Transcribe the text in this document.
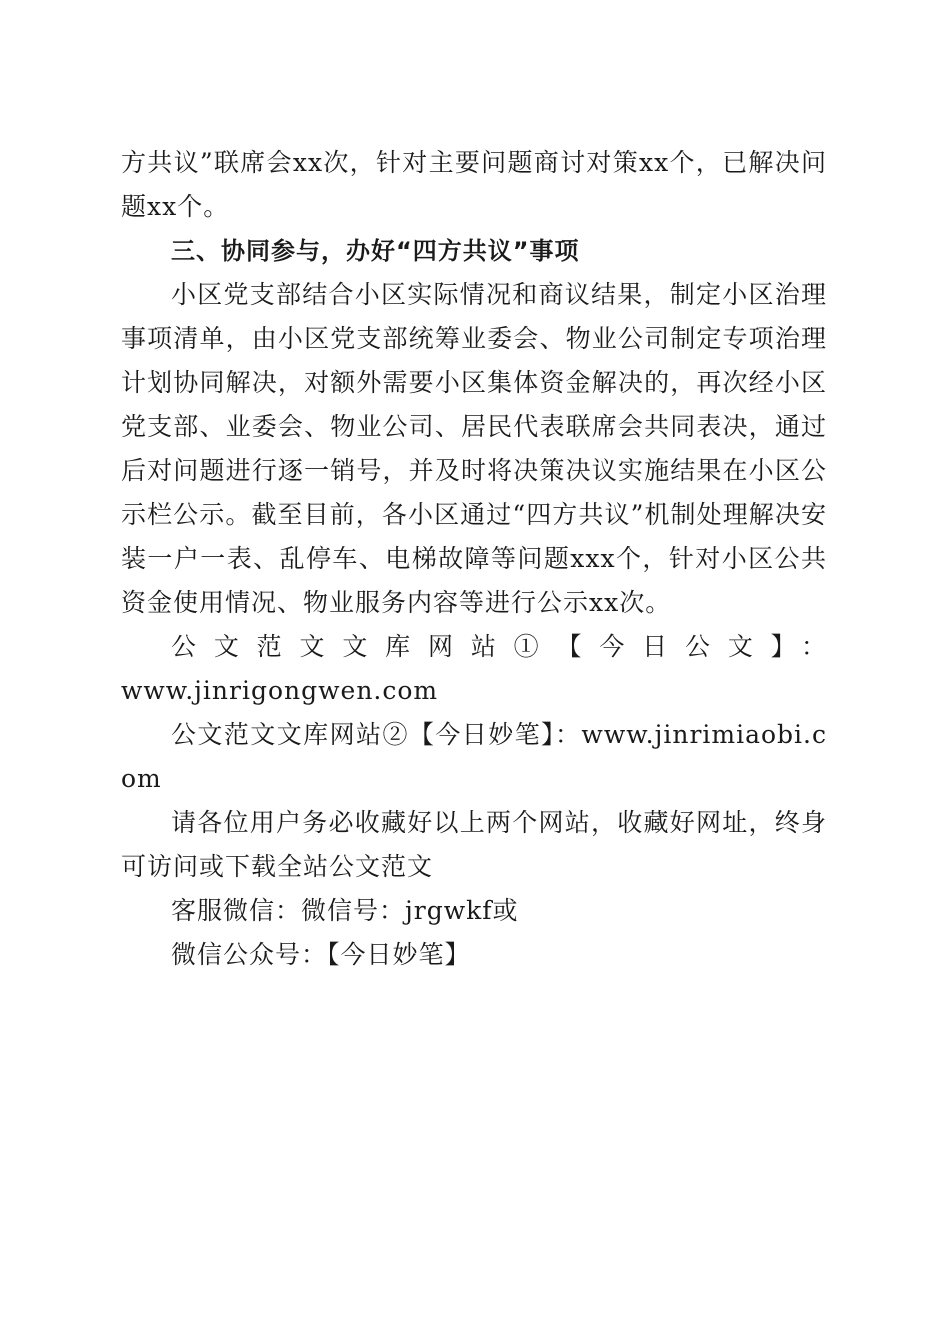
方共议”联席会xx次，针对主要问题商讨对策xx个，已解决问题xx个。

三、协同参与，办好“四方共议”事项

小区党支部结合小区实际情况和商议结果，制定小区治理事项清单，由小区党支部统筹业委会、物业公司制定专项治理计划协同解决，对额外需要小区集体资金解决的，再次经小区党支部、业委会、物业公司、居民代表联席会共同表决，通过后对问题进行逐一销号，并及时将决策决议实施结果在小区公示栏公示。截至目前，各小区通过“四方共议”机制处理解决安装一户一表、乱停车、电梯故障等问题xxx个，针对小区公共资金使用情况、物业服务内容等进行公示xx次。

公文范文文库网站①【今日公文】：

www.jinrigongwen.com

公文范文文库网站②【今日妙笔】：www.jinrimiaobi.com

请各位用户务必收藏好以上两个网站，收藏好网址，终身可访问或下载全站公文范文

客服微信：微信号：jrgwkf或

微信公众号：【今日妙笔】
